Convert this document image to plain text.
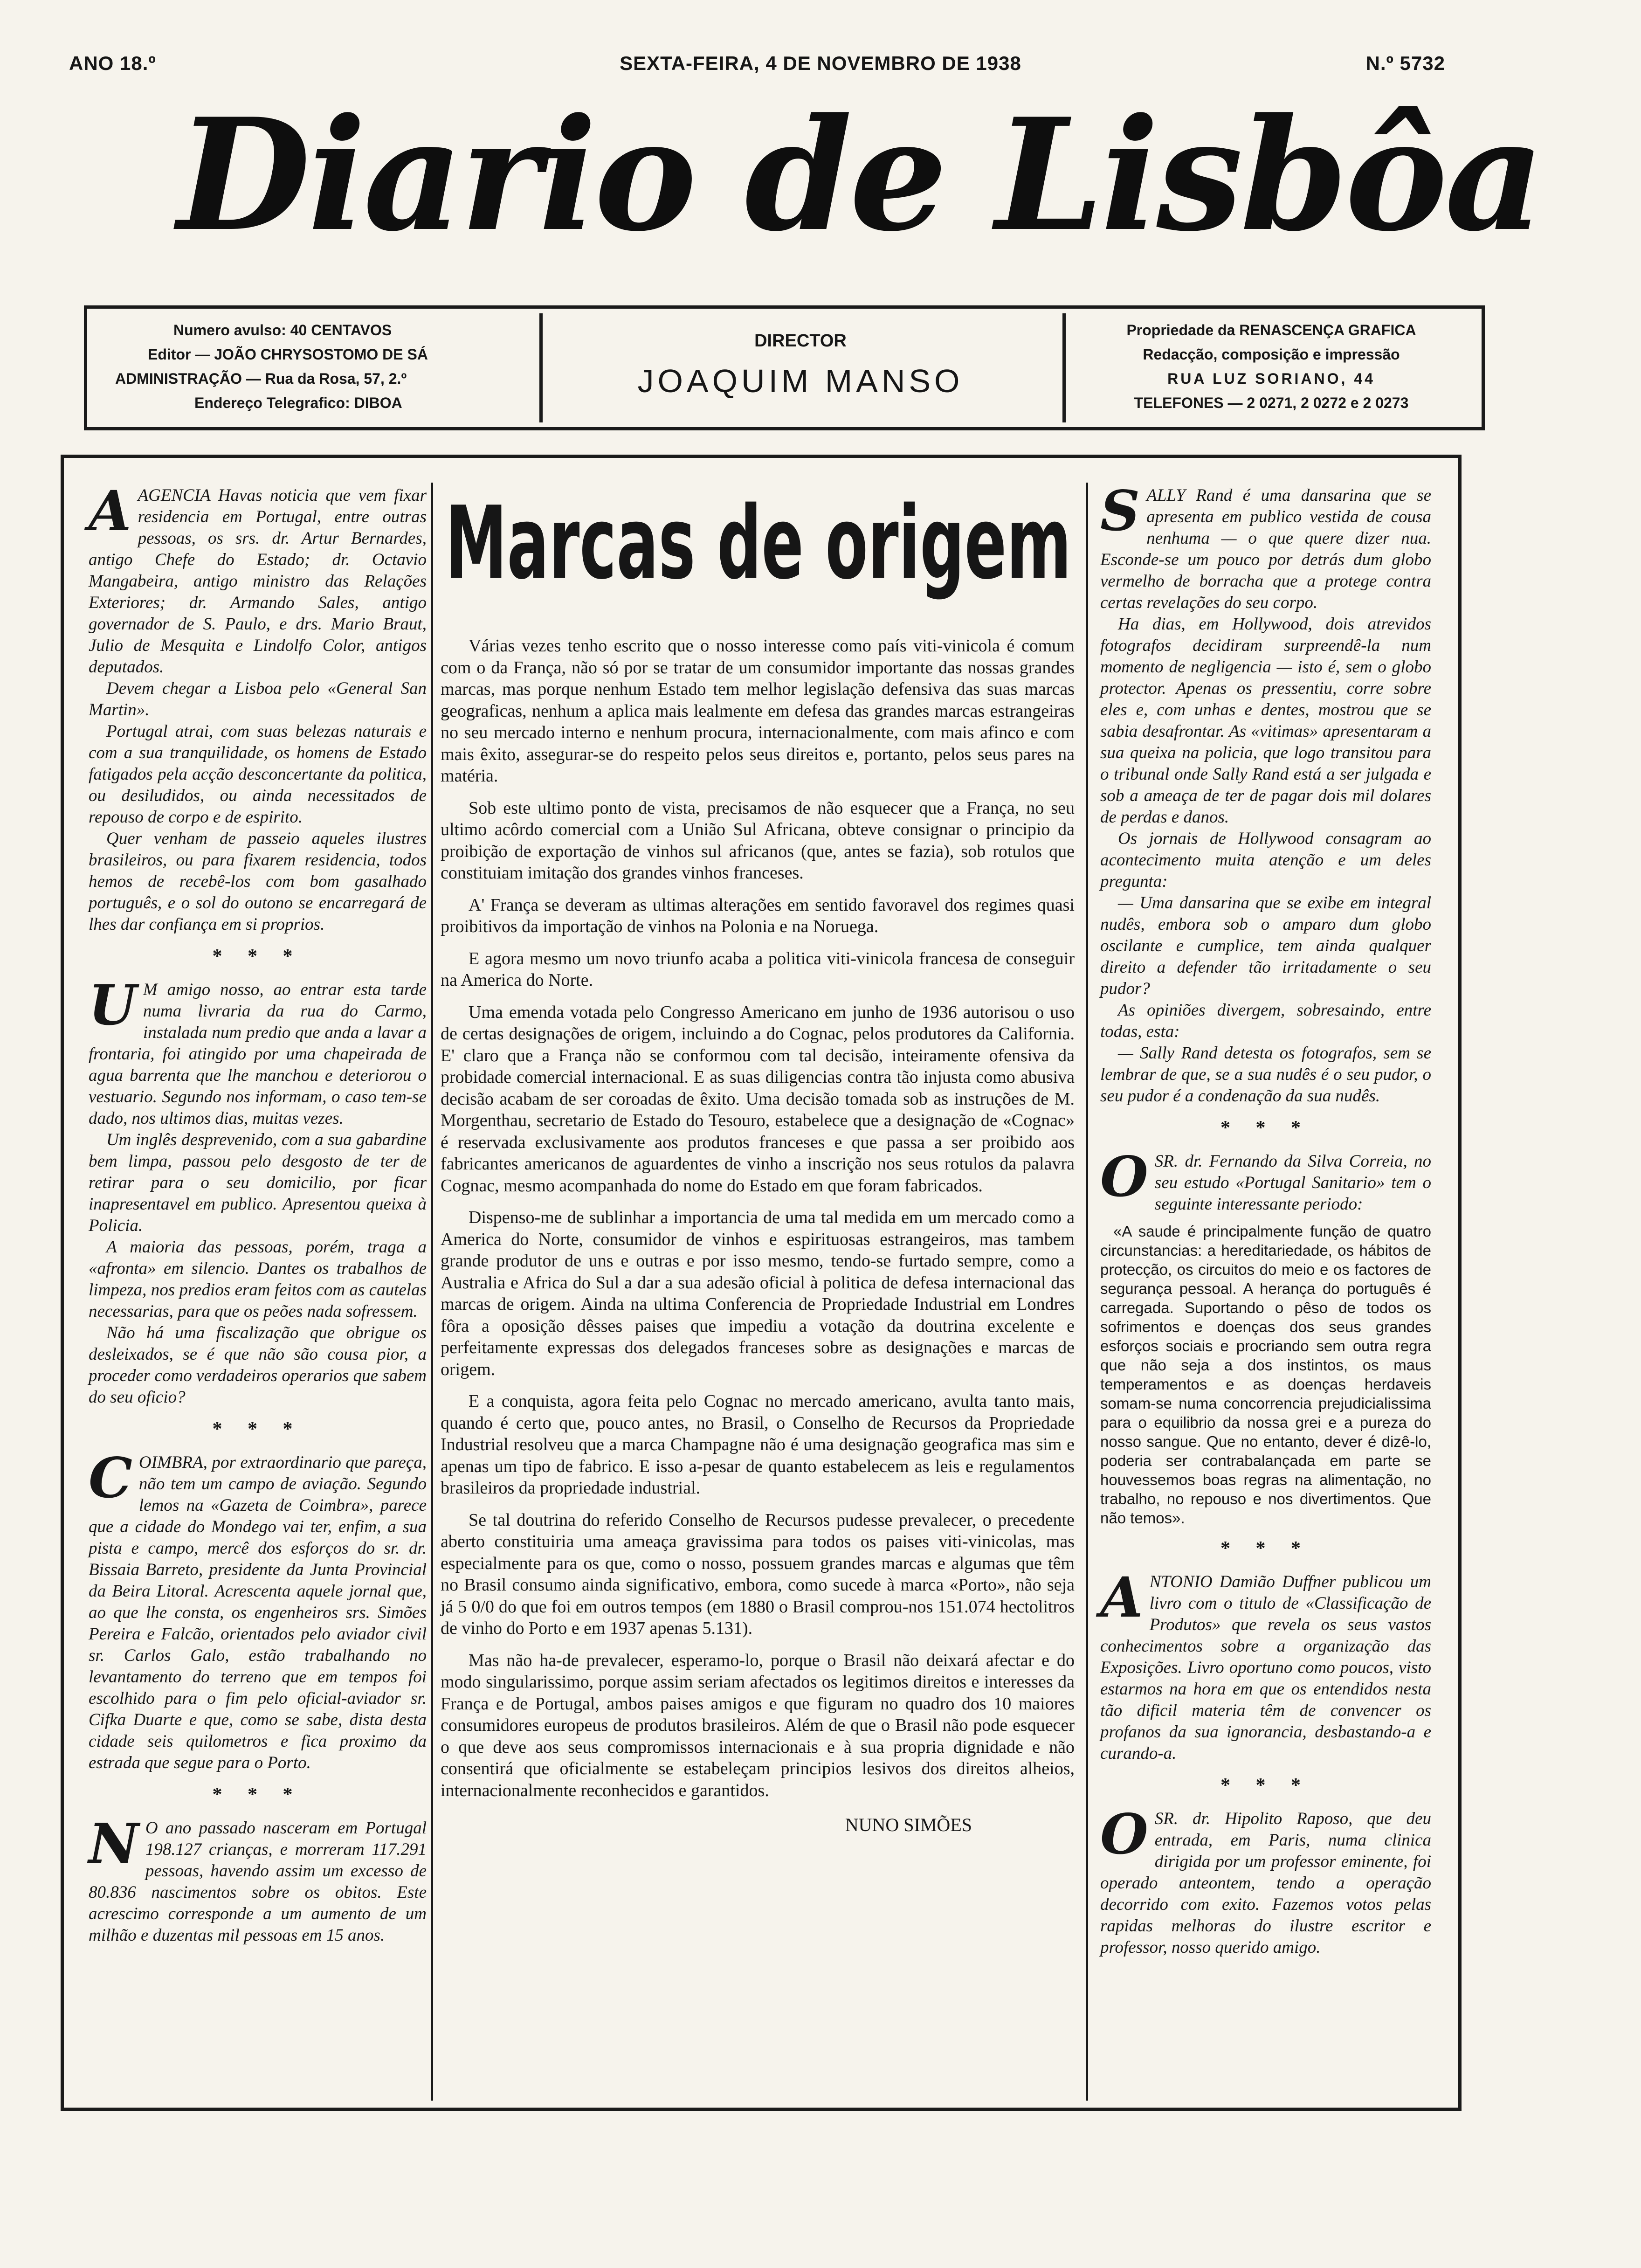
ANO 18.º	SEXTA-FEIRA, 4 DE NOVEMBRO DE 1938	N.º 5732
Diario de Lisbôa
Numero avulso: 40 CENTAVOS
Editor — JOÃO CHRYSOSTOMO DE SÁ
ADMINISTRAÇÃO — Rua da Rosa, 57, 2.º
Endereço Telegrafico: DIBOA
DIRECTOR
JOAQUIM MANSO
Propriedade da RENASCENÇA GRAFICA
Redacção, composição e impressão
RUA LUZ SORIANO, 44
TELEFONES — 2 0271, 2 0272 e 2 0273
A AGENCIA Havas noticia que vem fixar residencia em Portugal, entre outras pessoas, os srs. dr. Artur Bernardes, antigo Chefe do Estado; dr. Octavio Mangabeira, antigo ministro das Relações Exteriores; dr. Armando Sales, antigo governador de S. Paulo, e drs. Mario Braut, Julio de Mesquita e Lindolfo Color, antigos deputados.

Devem chegar a Lisboa pelo «General San Martin».

Portugal atrai, com suas belezas naturais e com a sua tranquilidade, os homens de Estado fatigados pela acção desconcertante da politica, ou desiludidos, ou ainda necessitados de repouso de corpo e de espirito.

Quer venham de passeio aqueles ilustres brasileiros, ou para fixarem residencia, todos hemos de recebê-los com bom gasalhado português, e o sol do outono se encarregará de lhes dar confiança em si proprios.

* * *
U M amigo nosso, ao entrar esta tarde numa livraria da rua do Carmo, instalada num predio que anda a lavar a frontaria, foi atingido por uma chapeirada de agua barrenta que lhe manchou e deteriorou o vestuario. Segundo nos informam, o caso tem-se dado, nos ultimos dias, muitas vezes.

Um inglês desprevenido, com a sua gabardine bem limpa, passou pelo desgosto de ter de retirar para o seu domicilio, por ficar inapresentavel em publico. Apresentou queixa à Policia.

A maioria das pessoas, porém, traga a «afronta» em silencio. Dantes os trabalhos de limpeza, nos predios eram feitos com as cautelas necessarias, para que os peões nada sofressem.

Não há uma fiscalização que obrigue os desleixados, se é que não são cousa pior, a proceder como verdadeiros operarios que sabem do seu oficio?

* * *
C OIMBRA, por extraordinario que pareça, não tem um campo de aviação. Segundo lemos na «Gazeta de Coimbra», parece que a cidade do Mondego vai ter, enfim, a sua pista e campo, mercê dos esforços do sr. dr. Bissaia Barreto, presidente da Junta Provincial da Beira Litoral. Acrescenta aquele jornal que, ao que lhe consta, os engenheiros srs. Simões Pereira e Falcão, orientados pelo aviador civil sr. Carlos Galo, estão trabalhando no levantamento do terreno que em tempos foi escolhido para o fim pelo oficial-aviador sr. Cifka Duarte e que, como se sabe, dista desta cidade seis quilometros e fica proximo da estrada que segue para o Porto.

* * *
N O ano passado nasceram em Portugal 198.127 crianças, e morreram 117.291 pessoas, havendo assim um excesso de 80.836 nascimentos sobre os obitos. Este acrescimo corresponde a um aumento de um milhão e duzentas mil pessoas em 15 anos.

Marcas de origem

Várias vezes tenho escrito que o nosso interesse como país viti-vinicola é comum com o da França, não só por se tratar de um consumidor importante das nossas grandes marcas, mas porque nenhum Estado tem melhor legislação defensiva das suas marcas geograficas, nenhum a aplica mais lealmente em defesa das grandes marcas estrangeiras no seu mercado interno e nenhum procura, internacionalmente, com mais afinco e com mais êxito, assegurar-se do respeito pelos seus direitos e, portanto, pelos seus pares na matéria.

Sob este ultimo ponto de vista, precisamos de não esquecer que a França, no seu ultimo acôrdo comercial com a União Sul Africana, obteve consignar o principio da proibição de exportação de vinhos sul africanos (que, antes se fazia), sob rotulos que constituiam imitação dos grandes vinhos franceses.

A' França se deveram as ultimas alterações em sentido favoravel dos regimes quasi proibitivos da importação de vinhos na Polonia e na Noruega.

E agora mesmo um novo triunfo acaba a politica viti-vinicola francesa de conseguir na America do Norte.

Uma emenda votada pelo Congresso Americano em junho de 1936 autorisou o uso de certas designações de origem, incluindo a do Cognac, pelos produtores da California. E' claro que a França não se conformou com tal decisão, inteiramente ofensiva da probidade comercial internacional. E as suas diligencias contra tão injusta como abusiva decisão acabam de ser coroadas de êxito. Uma decisão tomada sob as instruções de M. Morgenthau, secretario de Estado do Tesouro, estabelece que a designação de «Cognac» é reservada exclusivamente aos produtos franceses e que passa a ser proibido aos fabricantes americanos de aguardentes de vinho a inscrição nos seus rotulos da palavra Cognac, mesmo acompanhada do nome do Estado em que foram fabricados.

Dispenso-me de sublinhar a importancia de uma tal medida em um mercado como a America do Norte, consumidor de vinhos e espirituosas estrangeiros, mas tambem grande produtor de uns e outras e por isso mesmo, tendo-se furtado sempre, como a Australia e Africa do Sul a dar a sua adesão oficial à politica de defesa internacional das marcas de origem. Ainda na ultima Conferencia de Propriedade Industrial em Londres fôra a oposição dêsses paises que impediu a votação da doutrina excelente e perfeitamente expressas dos delegados franceses sobre as designações e marcas de origem.

E a conquista, agora feita pelo Cognac no mercado americano, avulta tanto mais, quando é certo que, pouco antes, no Brasil, o Conselho de Recursos da Propriedade Industrial resolveu que a marca Champagne não é uma designação geografica mas sim e apenas um tipo de fabrico. E isso a-pesar de quanto estabelecem as leis e regulamentos brasileiros da propriedade industrial.

Se tal doutrina do referido Conselho de Recursos pudesse prevalecer, o precedente aberto constituiria uma ameaça gravissima para todos os paises viti-vinicolas, mas especialmente para os que, como o nosso, possuem grandes marcas e algumas que têm no Brasil consumo ainda significativo, embora, como sucede à marca «Porto», não seja já 5 0/0 do que foi em outros tempos (em 1880 o Brasil comprou-nos 151.074 hectolitros de vinho do Porto e em 1937 apenas 5.131).

Mas não ha-de prevalecer, esperamo-lo, porque o Brasil não deixará afectar e do modo singularissimo, porque assim seriam afectados os legitimos direitos e interesses da França e de Portugal, ambos paises amigos e que figuram no quadro dos 10 maiores consumidores europeus de produtos brasileiros. Além de que o Brasil não pode esquecer o que deve aos seus compromissos internacionais e à sua propria dignidade e não consentirá que oficialmente se estabeleçam principios lesivos dos direitos alheios, internacionalmente reconhecidos e garantidos.

NUNO SIMÕES
S ALLY Rand é uma dansarina que se apresenta em publico vestida de cousa nenhuma — o que quere dizer nua. Esconde-se um pouco por detrás dum globo vermelho de borracha que a protege contra certas revelações do seu corpo.

Ha dias, em Hollywood, dois atrevidos fotografos decidiram surpreendê-la num momento de negligencia — isto é, sem o globo protector. Apenas os pressentiu, corre sobre eles e, com unhas e dentes, mostrou que se sabia desafrontar. As «vitimas» apresentaram a sua queixa na policia, que logo transitou para o tribunal onde Sally Rand está a ser julgada e sob a ameaça de ter de pagar dois mil dolares de perdas e danos.

Os jornais de Hollywood consagram ao acontecimento muita atenção e um deles pregunta:

— Uma dansarina que se exibe em integral nudês, embora sob o amparo dum globo oscilante e cumplice, tem ainda qualquer direito a defender tão irritadamente o seu pudor?

As opiniões divergem, sobresaindo, entre todas, esta:

— Sally Rand detesta os fotografos, sem se lembrar de que, se a sua nudês é o seu pudor, o seu pudor é a condenação da sua nudês.

* * *
O SR. dr. Fernando da Silva Correia, no seu estudo «Portugal Sanitario» tem o seguinte interessante periodo:

«A saude é principalmente função de quatro circunstancias: a hereditariedade, os hábitos de protecção, os circuitos do meio e os factores de segurança pessoal. A herança do português é carregada. Suportando o pêso de todos os sofrimentos e doenças dos seus grandes esforços sociais e procriando sem outra regra que não seja a dos instintos, os maus temperamentos e as doenças herdaveis somam-se numa concorrencia prejudicialissima para o equilibrio da nossa grei e a pureza do nosso sangue. Que no entanto, dever é dizê-lo, poderia ser contrabalançada em parte se houvessemos boas regras na alimentação, no trabalho, no repouso e nos divertimentos. Que não temos».

* * *
A NTONIO Damião Duffner publicou um livro com o titulo de «Classificação de Produtos» que revela os seus vastos conhecimentos sobre a organização das Exposições. Livro oportuno como poucos, visto estarmos na hora em que os entendidos nesta tão dificil materia têm de convencer os profanos da sua ignorancia, desbastando-a e curando-a.

* * *
O SR. dr. Hipolito Raposo, que deu entrada, em Paris, numa clinica dirigida por um professor eminente, foi operado anteontem, tendo a operação decorrido com exito. Fazemos votos pelas rapidas melhoras do ilustre escritor e professor, nosso querido amigo.
